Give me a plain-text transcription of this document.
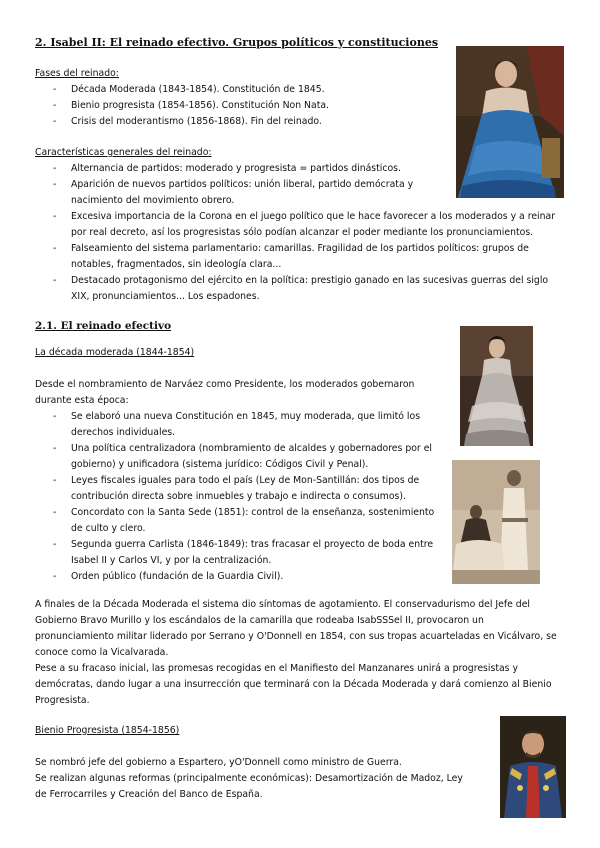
2. Isabel II: El reinado efectivo. Grupos políticos y constituciones
Fases del reinado:
- Década Moderada (1843-1854). Constitución de 1845.
- Bienio progresista (1854-1856). Constitución Non Nata.
- Crisis del moderantismo (1856-1868). Fin del reinado.
Características generales del reinado:
- Alternancia de partidos: moderado y progresista = partidos dinásticos.
- Aparición de nuevos partidos políticos: unión liberal, partido demócrata y nacimiento del movimiento obrero.
- Excesiva importancia de la Corona en el juego político que le hace favorecer a los moderados y a reinar por real decreto, así los progresistas sólo podían alcanzar el poder mediante los pronunciamientos.
- Falseamiento del sistema parlamentario: camarillas. Fragilidad de los partidos políticos: grupos de notables, fragmentados, sin ideología clara...
- Destacado protagonismo del ejército en la política: prestigio ganado en las sucesivas guerras del siglo XIX, pronunciamientos... Los espadones.
2.1. El reinado efectivo
La década moderada (1844-1854)
Desde el nombramiento de Narváez como Presidente, los moderados gobernaron durante esta época:
- Se elaboró una nueva Constitución en 1845, muy moderada, que limitó los derechos individuales.
- Una política centralizadora (nombramiento de alcaldes y gobernadores por el gobierno) y unificadora (sistema jurídico: Códigos Civil y Penal).
- Leyes fiscales iguales para todo el país (Ley de Mon-Santillán: dos tipos de contribución directa sobre inmuebles y trabajo e indirecta o consumos).
- Concordato con la Santa Sede (1851): control de la enseñanza, sostenimiento de culto y clero.
- Segunda guerra Carlista (1846-1849): tras fracasar el proyecto de boda entre Isabel II y Carlos VI, y por la centralización.
- Orden público (fundación de la Guardia Civil).
A finales de la Década Moderada el sistema dio síntomas de agotamiento. El conservadurismo del Jefe del Gobierno Bravo Murillo y los escándalos de la camarilla que rodeaba IsabSSSel II, provocaron un pronunciamiento militar liderado por Serrano y O'Donnell en 1854, con sus tropas acuarteladas en Vicálvaro, se conoce como la Vicalvarada.
Pese a su fracaso inicial, las promesas recogidas en el Manifiesto del Manzanares unirá a progresistas y demócratas, dando lugar a una insurrección que terminará con la Década Moderada y dará comienzo al Bienio Progresista.
Bienio Progresista (1854-1856)
Se nombró jefe del gobierno a Espartero, yO'Donnell como ministro de Guerra.
Se realizan algunas reformas (principalmente económicas): Desamortización de Madoz, Ley de Ferrocarriles y Creación del Banco de España.
